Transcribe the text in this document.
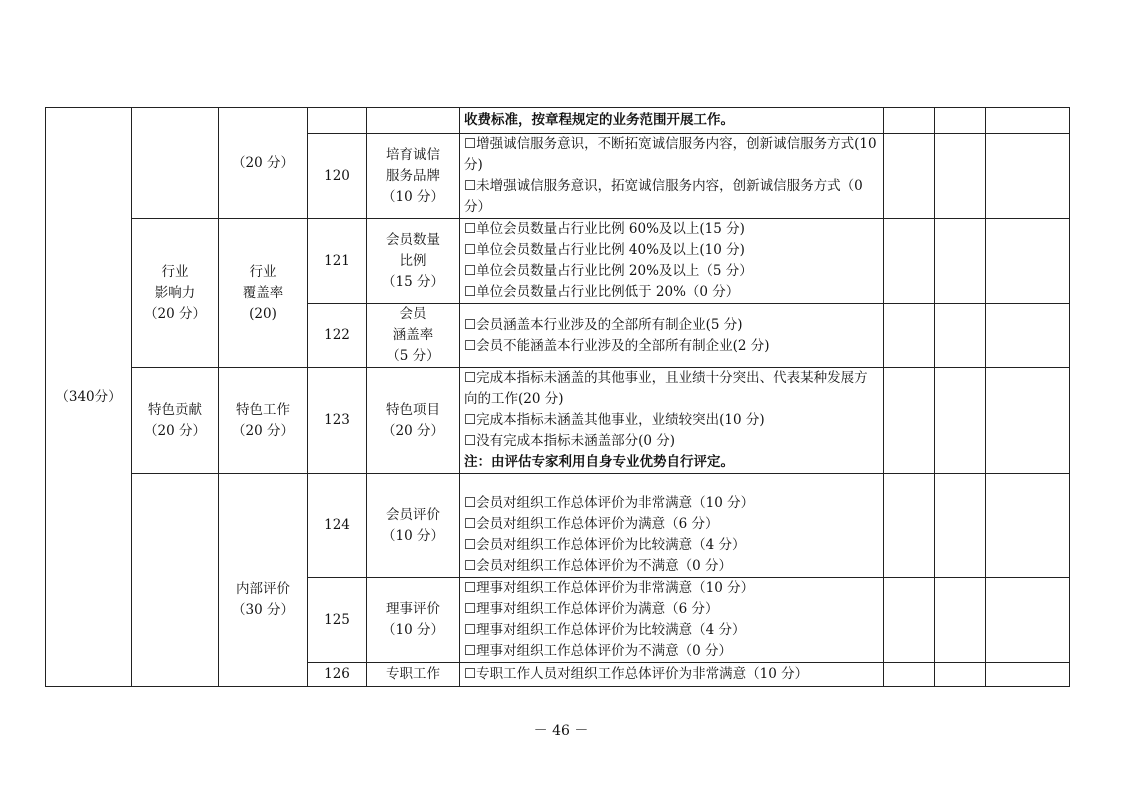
（340分）		（20 分）			收费标准，按章程规定的业务范围开展工作。			
			120	培育诚信
服务品牌
（10 分）	☐增强诚信服务意识，不断拓宽诚信服务内容，创新诚信服务方式(10 分)
☐未增强诚信服务意识，拓宽诚信服务内容，创新诚信服务方式（0 分）			

	行业
影响力
（20 分）	行业
覆盖率
(20)	121	会员数量
比例
（15 分）	☐单位会员数量占行业比例 60%及以上(15 分)
☐单位会员数量占行业比例 40%及以上(10 分)
☐单位会员数量占行业比例 20%及以上（5 分）
☐单位会员数量占行业比例低于 20%（0 分）			

			122	会员
涵盖率
（5 分）	☐会员涵盖本行业涉及的全部所有制企业(5 分)
☐会员不能涵盖本行业涉及的全部所有制企业(2 分)			

	特色贡献
（20 分）	特色工作
（20 分）	123	特色项目
（20 分）	☐完成本指标未涵盖的其他事业，且业绩十分突出、代表某种发展方向的工作(20 分)
☐完成本指标未涵盖其他事业，业绩较突出(10 分)
☐没有完成本指标未涵盖部分(0 分)
注：由评估专家利用自身专业优势自行评定。			

		内部评价
（30 分）	124	会员评价
（10 分）	☐会员对组织工作总体评价为非常满意（10 分）
☐会员对组织工作总体评价为满意（6 分）
☐会员对组织工作总体评价为比较满意（4 分）
☐会员对组织工作总体评价为不满意（0 分）			

			125	理事评价
（10 分）	☐理事对组织工作总体评价为非常满意（10 分）
☐理事对组织工作总体评价为满意（6 分）
☐理事对组织工作总体评价为比较满意（4 分）
☐理事对组织工作总体评价为不满意（0 分）			

			126	专职工作	☐专职工作人员对组织工作总体评价为非常满意（10 分）			
－ 46 －
